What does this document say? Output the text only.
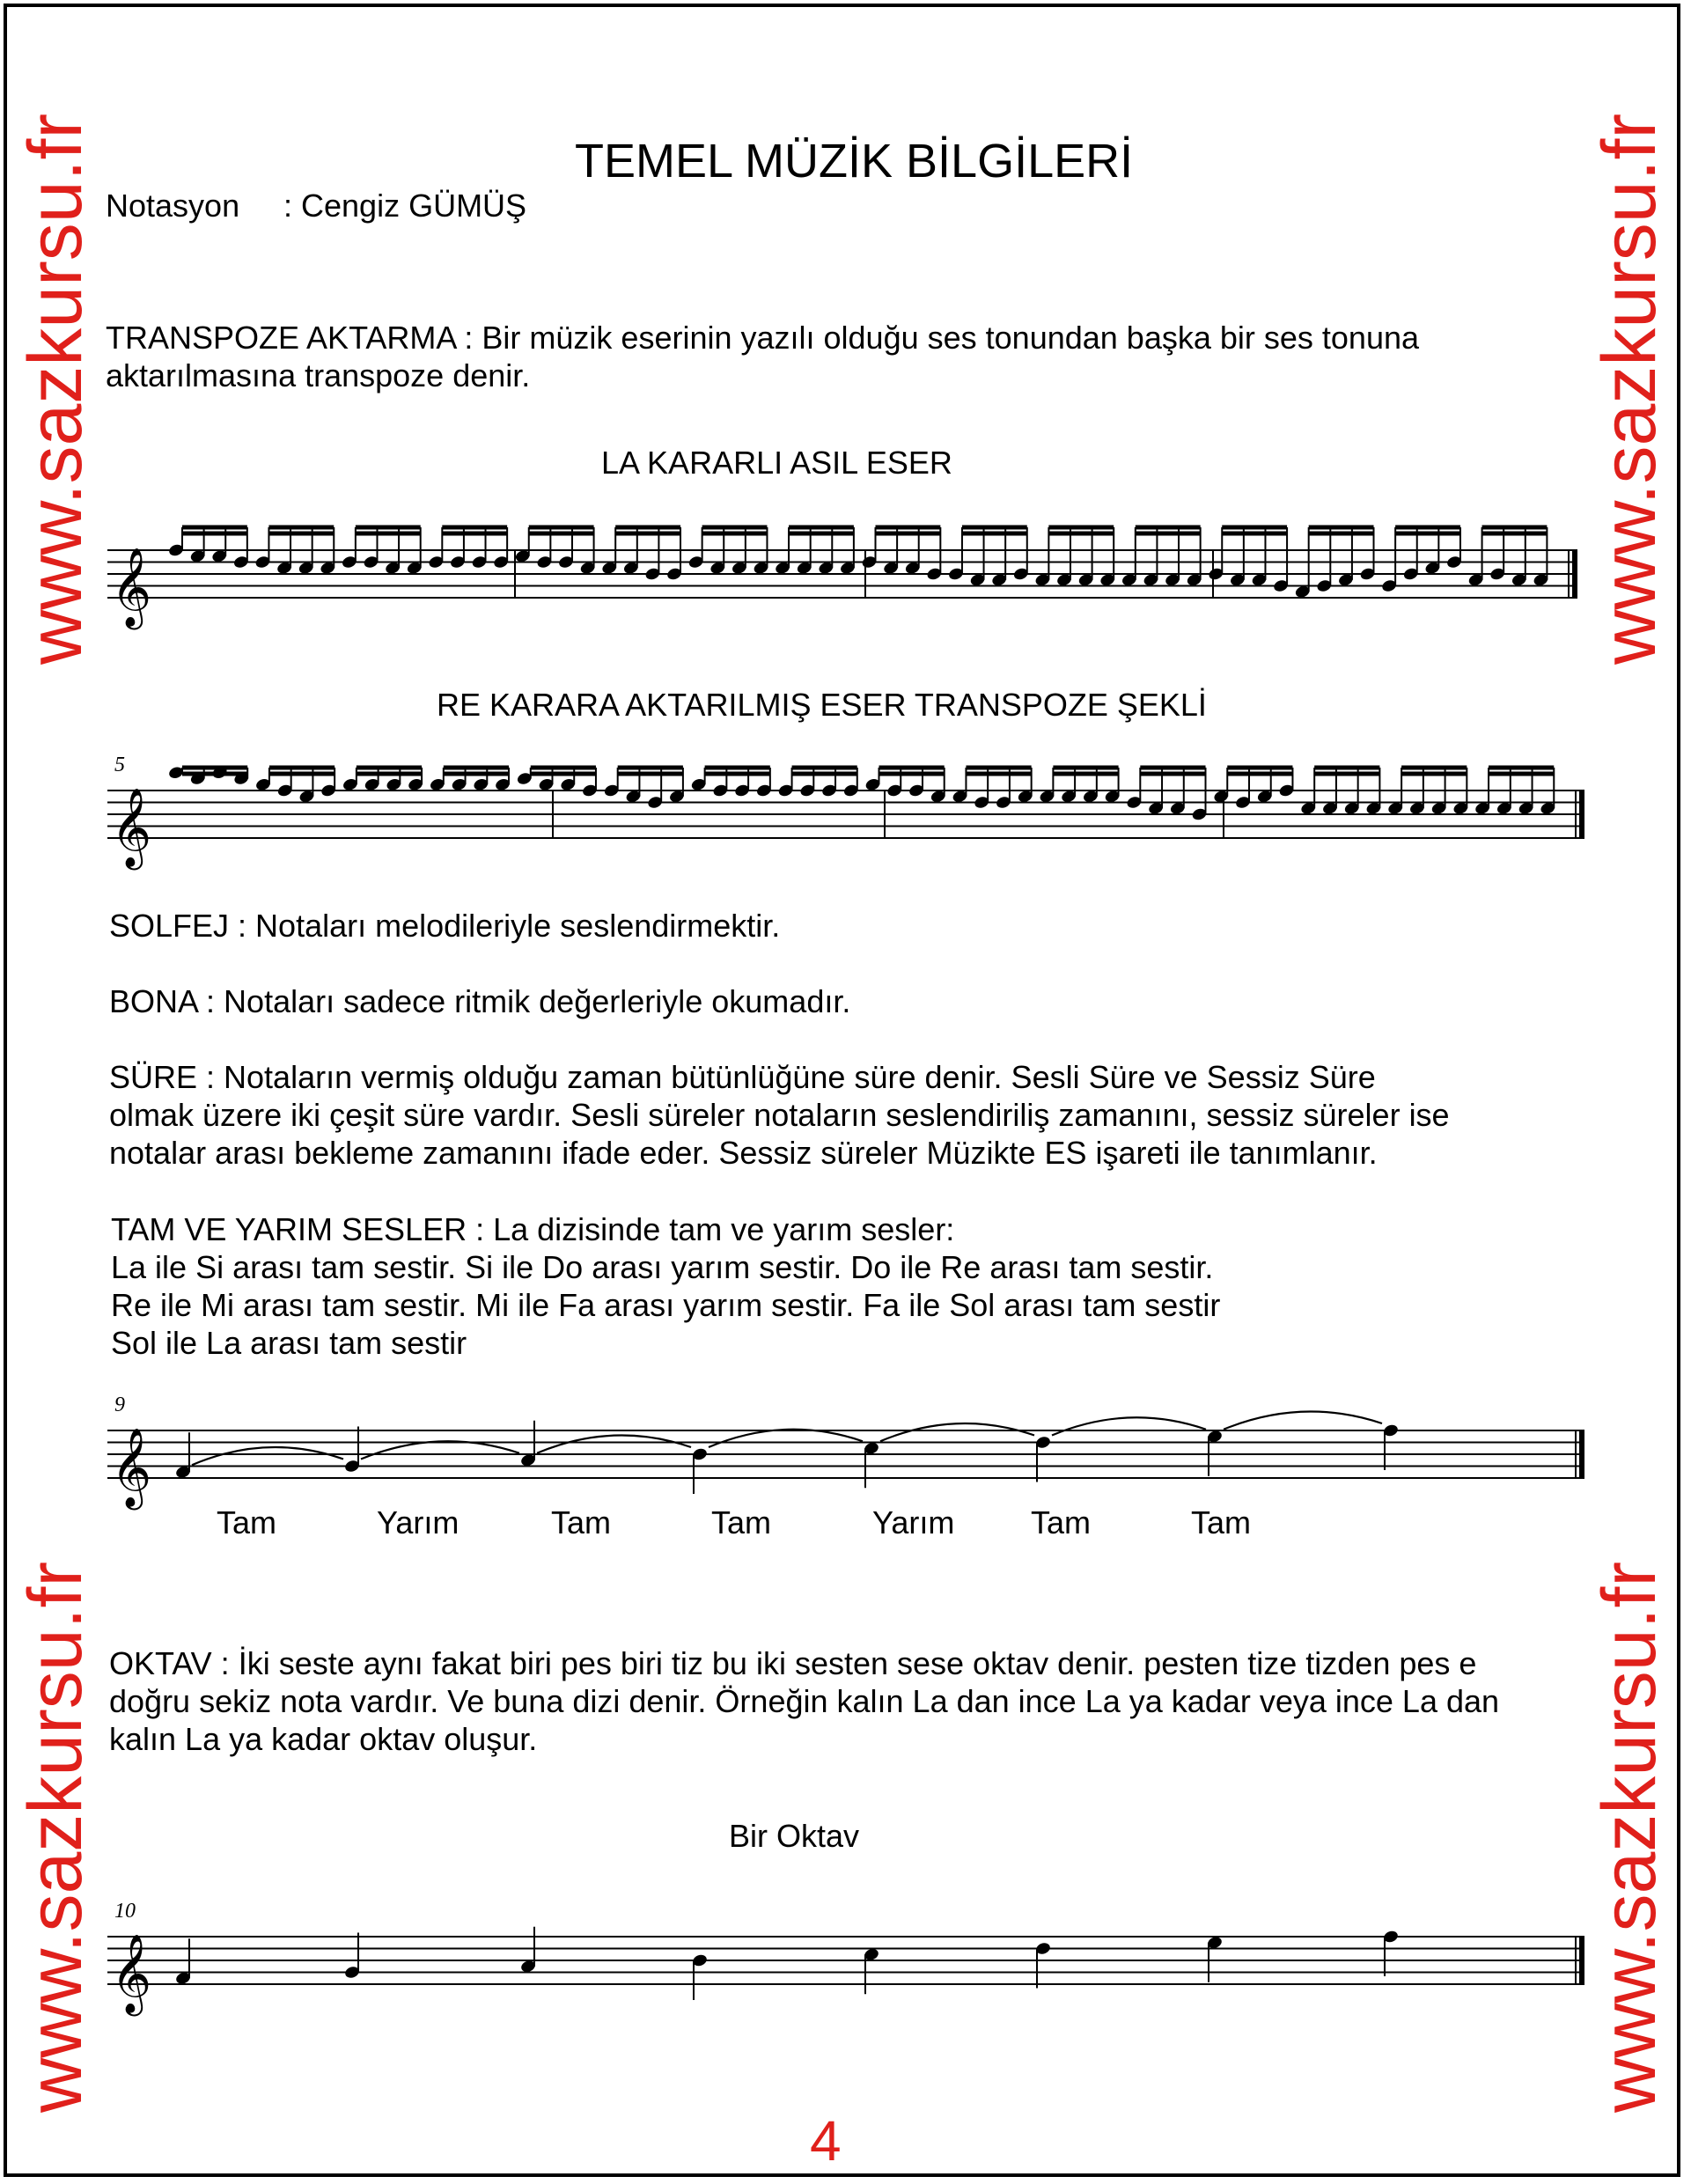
www.sazkursu.fr
www.sazkursu.fr
www.sazkursu.fr
www.sazkursu.fr
TEMEL MÜZİK BİLGİLERİ
Notasyon : Cengiz GÜMÜŞ
TRANSPOZE AKTARMA : Bir müzik eserinin yazılı olduğu ses tonundan başka bir ses tonuna
aktarılmasına transpoze denir.
LA KARARLI ASIL ESER
RE KARARA AKTARILMIŞ ESER TRANSPOZE ŞEKLİ
SOLFEJ : Notaları melodileriyle seslendirmektir.
BONA : Notaları sadece ritmik değerleriyle okumadır.
SÜRE : Notaların vermiş olduğu zaman bütünlüğüne süre denir. Sesli Süre ve Sessiz Süre
olmak üzere iki çeşit süre vardır. Sesli süreler notaların seslendiriliş zamanını, sessiz süreler ise
notalar arası bekleme zamanını ifade eder. Sessiz süreler Müzikte ES işareti ile tanımlanır.
TAM VE YARIM SESLER : La dizisinde tam ve yarım sesler:
La ile Si arası tam sestir. Si ile Do arası yarım sestir. Do ile Re arası tam sestir.
Re ile Mi arası tam sestir. Mi ile Fa arası yarım sestir. Fa ile Sol arası tam sestir
Sol ile La arası tam sestir
Tam	Yarım	Tam	Tam	Yarım Tam	Tam
OKTAV : İki seste aynı fakat biri pes biri tiz bu iki sesten sese oktav denir. pesten tize tizden pes e
doğru sekiz nota vardır. Ve buna dizi denir. Örneğin kalın La dan ince La ya kadar veya ince La dan
kalın La ya kadar oktav oluşur.
Bir Oktav
4
𝄞
𝄞
𝄞
𝄞
5
9
10
